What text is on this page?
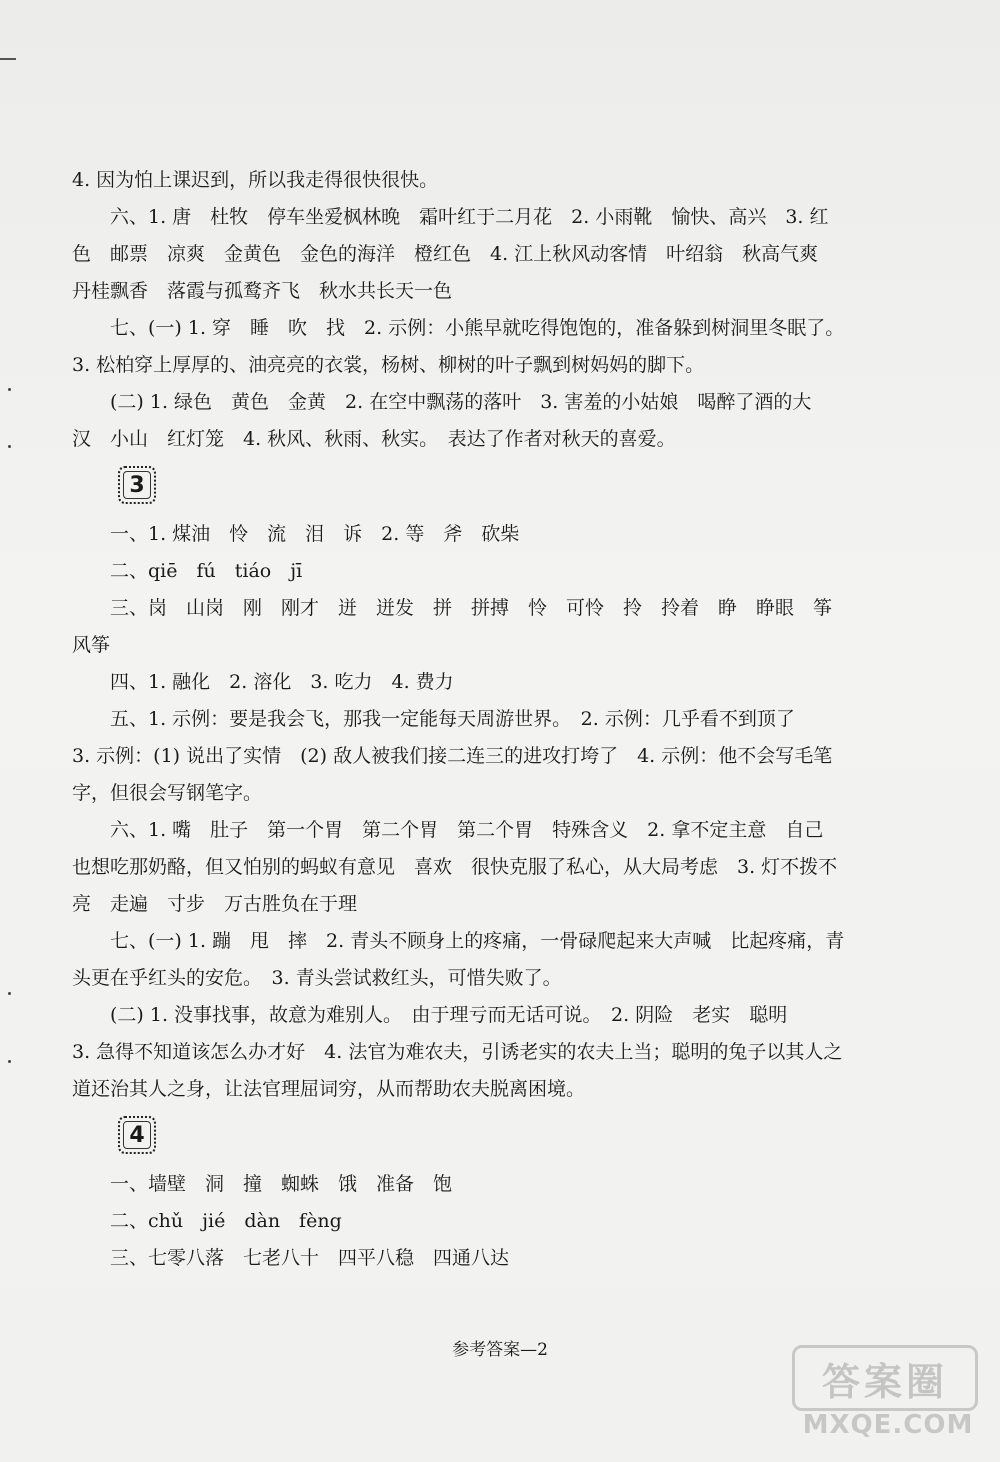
4. 因为怕上课迟到，所以我走得很快很快。
六、1. 唐　杜牧　停车坐爱枫林晚　霜叶红于二月花　2. 小雨靴　愉快、高兴　3. 红
色　邮票　凉爽　金黄色　金色的海洋　橙红色　4. 江上秋风动客情　叶绍翁　秋高气爽
丹桂飘香　落霞与孤鹜齐飞　秋水共长天一色
七、(一) 1. 穿　睡　吹　找　2. 示例：小熊早就吃得饱饱的，准备躲到树洞里冬眠了。
3. 松柏穿上厚厚的、油亮亮的衣裳，杨树、柳树的叶子飘到树妈妈的脚下。
(二) 1. 绿色　黄色　金黄　2. 在空中飘荡的落叶　3. 害羞的小姑娘　喝醉了酒的大
汉　小山　红灯笼　4. 秋风、秋雨、秋实。　表达了作者对秋天的喜爱。
3
一、1. 煤油　怜　流　泪　诉　2. 等　斧　砍柴
二、qiē　fú　tiáo　jī
三、岗　山岗　刚　刚才　迸　迸发　拼　拼搏　怜　可怜　拎　拎着　睁　睁眼　筝
风筝
四、1. 融化　2. 溶化　3. 吃力　4. 费力
五、1. 示例：要是我会飞，那我一定能每天周游世界。　2. 示例：几乎看不到顶了
3. 示例：(1) 说出了实情　(2) 敌人被我们接二连三的进攻打垮了　4. 示例：他不会写毛笔
字，但很会写钢笔字。
六、1. 嘴　肚子　第一个胃　第二个胃　第二个胃　特殊含义　2. 拿不定主意　自己
也想吃那奶酪，但又怕别的蚂蚁有意见　喜欢　很快克服了私心，从大局考虑　3. 灯不拨不
亮　走遍　寸步　万古胜负在于理
七、(一) 1. 蹦　甩　摔　2. 青头不顾身上的疼痛，一骨碌爬起来大声喊　比起疼痛，青
头更在乎红头的安危。　3. 青头尝试救红头，可惜失败了。
(二) 1. 没事找事，故意为难别人。　由于理亏而无话可说。　2. 阴险　老实　聪明
3. 急得不知道该怎么办才好　4. 法官为难农夫，引诱老实的农夫上当；聪明的兔子以其人之
道还治其人之身，让法官理屈词穷，从而帮助农夫脱离困境。
4
一、墙壁　洞　撞　蜘蛛　饿　准备　饱
二、chǔ　jié　dàn　fèng
三、七零八落　七老八十　四平八稳　四通八达
参考答案—2
答案圈
MXQE.COM
